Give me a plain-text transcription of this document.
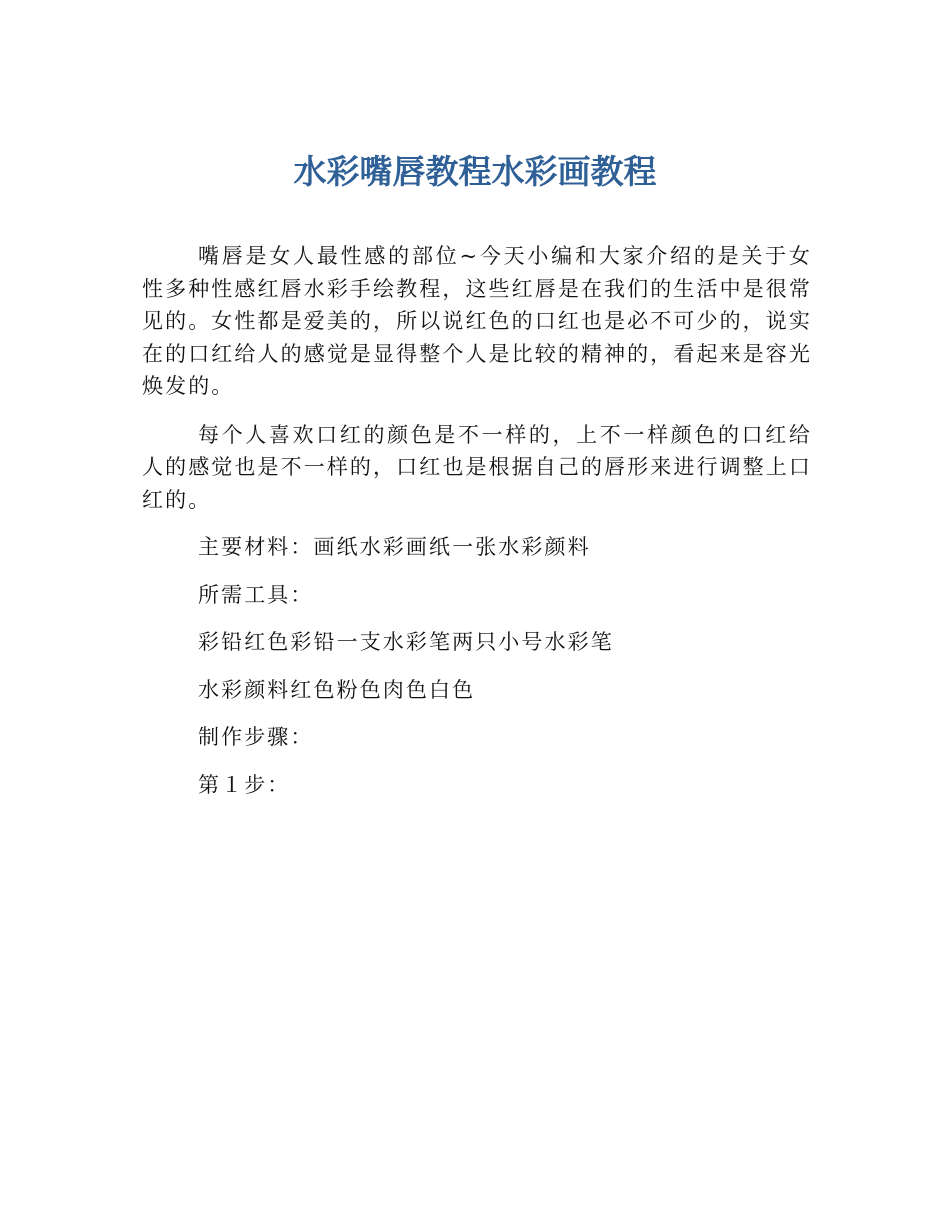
水彩嘴唇教程水彩画教程

嘴唇是女人最性感的部位~今天小编和大家介绍的是关于女性多种性感红唇水彩手绘教程，这些红唇是在我们的生活中是很常见的。女性都是爱美的，所以说红色的口红也是必不可少的，说实在的口红给人的感觉是显得整个人是比较的精神的，看起来是容光焕发的。

每个人喜欢口红的颜色是不一样的，上不一样颜色的口红给人的感觉也是不一样的，口红也是根据自己的唇形来进行调整上口红的。

主要材料：画纸水彩画纸一张水彩颜料

所需工具：

彩铅红色彩铅一支水彩笔两只小号水彩笔

水彩颜料红色粉色肉色白色

制作步骤：

第１步：
